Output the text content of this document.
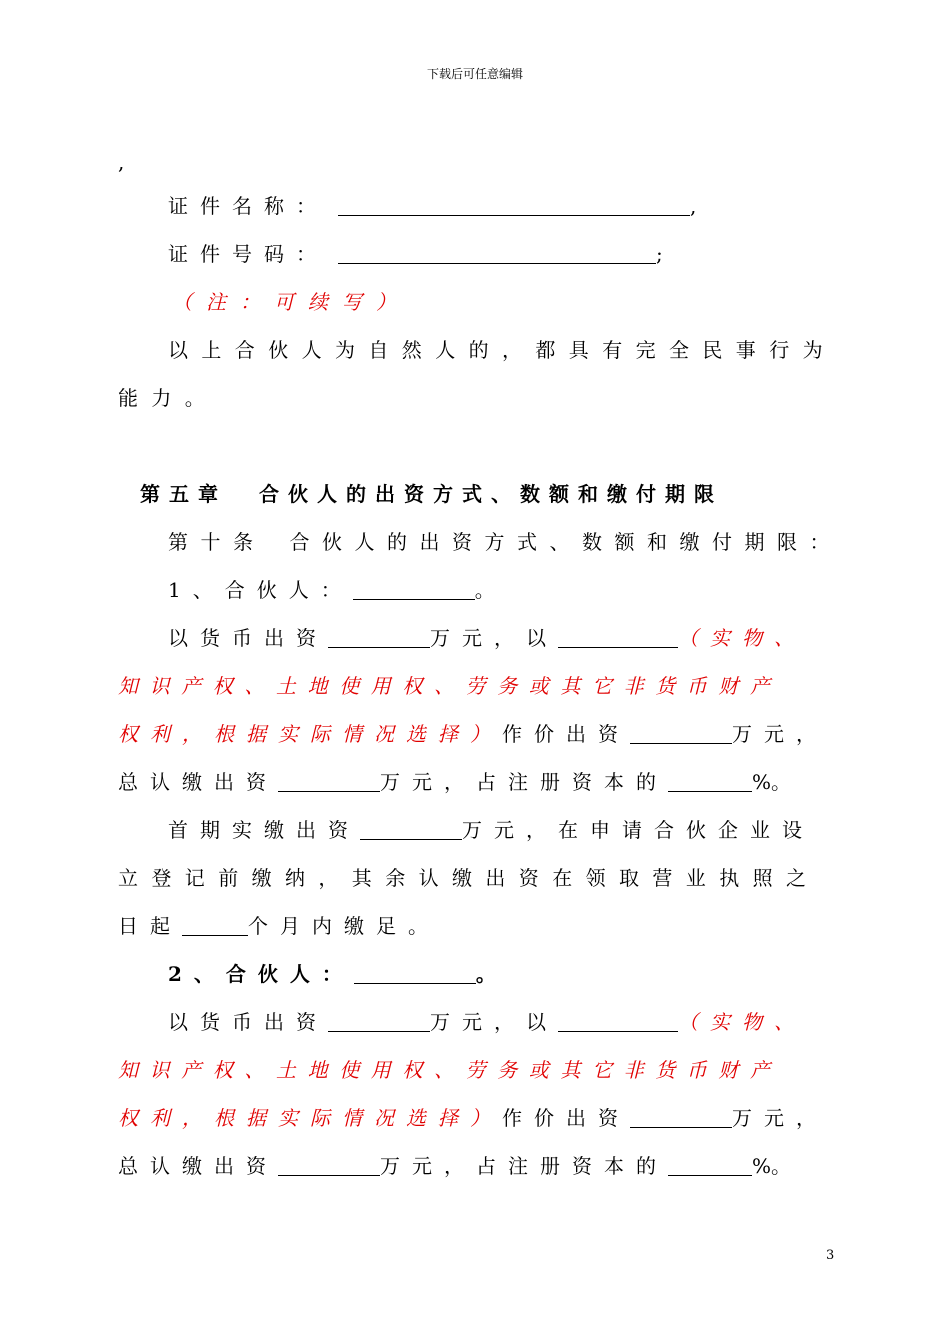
下载后可任意编辑
,
证件名称：	,
证件号码：	;
（注：可续写）
以上合伙人为自然人的，都具有完全民事行为
能力。
第五章 合伙人的出资方式、数额和缴付期限
第十条 合伙人的出资方式、数额和缴付期限：
1、合伙人：	。
以货币出资	万元，以	（实物、
知识产权、土地使用权、劳务或其它非货币财产
权利，根据实际情况选择）作价出资	万元，
总认缴出资	万元，占注册资本的	%。
首期实缴出资	万元，在申请合伙企业设
立登记前缴纳，其余认缴出资在领取营业执照之
日起	个月内缴足。
2、合伙人：	。
以货币出资	万元，以	（实物、
知识产权、土地使用权、劳务或其它非货币财产
权利，根据实际情况选择）作价出资	万元，
总认缴出资	万元，占注册资本的	%。
3
